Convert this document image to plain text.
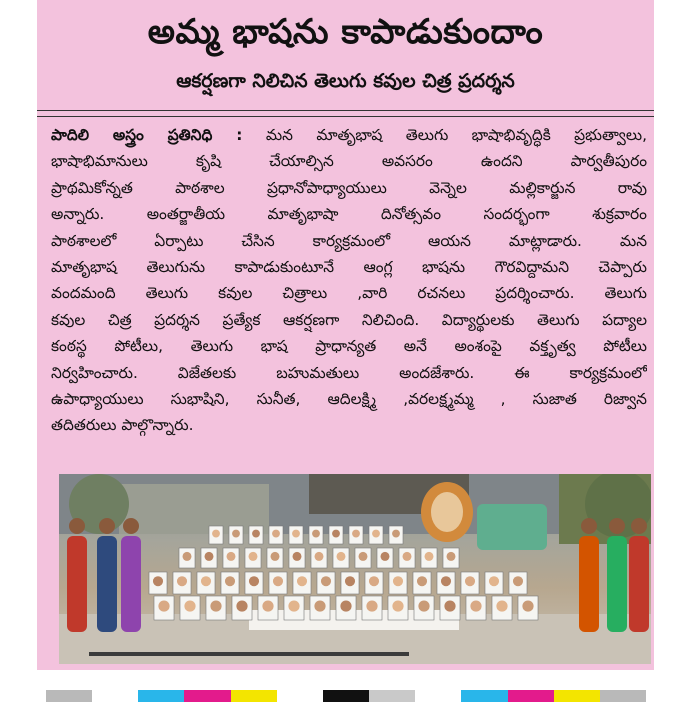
అమ్మ భాషను కాపాడుకుందాం
ఆకర్షణగా నిలిచిన తెలుగు కవుల చిత్ర ప్రదర్శన
పాదిలి అస్త్రం ప్రతినిధి : మన మాతృభాష తెలుగు భాషాభివృద్ధికి ప్రభుత్వాలు,
భాషాభిమానులు కృషి చేయాల్సిన అవసరం ఉందని పార్వతీపురం
ప్రాథమికోన్నత పాఠశాల ప్రధానోపాధ్యాయులు వెన్నెల మల్లికార్జున రావు
అన్నారు. అంతర్జాతీయ మాతృభాషా దినోత్సవం సందర్భంగా శుక్రవారం
పాఠశాలలో ఏర్పాటు చేసిన కార్యక్రమంలో ఆయన మాట్లాడారు. మన
మాతృభాష తెలుగును కాపాడుకుంటూనే ఆంగ్ల భాషను గౌరవిద్దామని చెప్పారు
వందమంది తెలుగు కవుల చిత్రాలు ,వారి రచనలు ప్రదర్శించారు. తెలుగు
కవుల చిత్ర ప్రదర్శన ప్రత్యేక ఆకర్షణగా నిలిచింది. విద్యార్థులకు తెలుగు పద్యాల
కంఠస్థ పోటీలు, తెలుగు భాష ప్రాధాన్యత అనే అంశంపై వక్తృత్వ పోటీలు
నిర్వహించారు. విజేతలకు బహుమతులు అందజేశారు. ఈ కార్యక్రమంలో
ఉపాధ్యాయులు సుభాషిని, సునీత, ఆదిలక్ష్మి ,వరలక్ష్మమ్మ , సుజాత రిజ్వాన
తదితరులు పాల్గొన్నారు.
